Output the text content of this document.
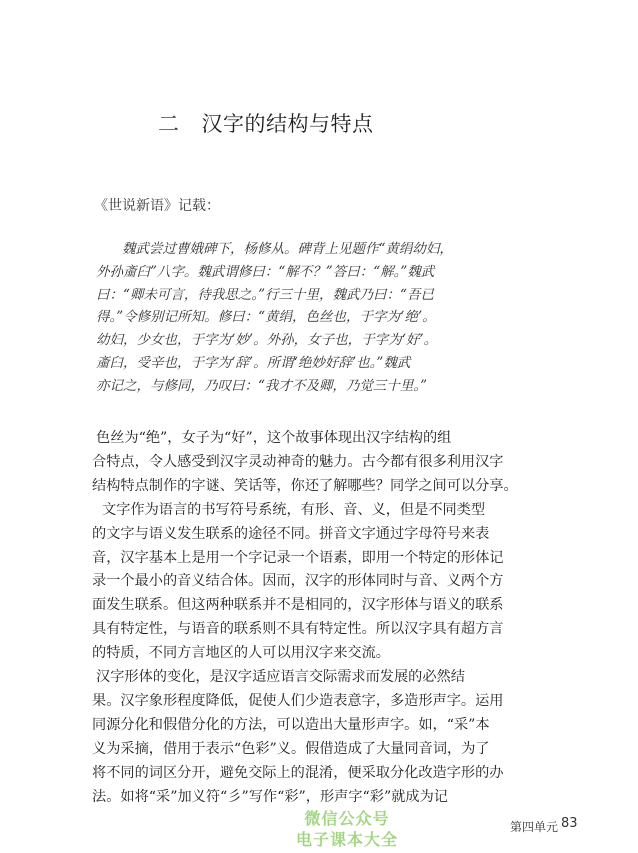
二 汉字的结构与特点
《世说新语》记载：

魏武尝过曹娥碑下，杨修从。碑背上见题作“黄绢幼妇，

外孙齑臼”八字。魏武谓修曰：“解不？”答曰：“解。”魏武

曰：“卿未可言，待我思之。”行三十里，魏武乃曰：“吾已

得。”令修别记所知。修曰：“黄绢，色丝也，于字为‘绝’。

幼妇，少女也，于字为‘妙’。外孙，女子也，于字为‘好’。

齑臼，受辛也，于字为‘辞’。所谓‘绝妙好辞’也。”魏武

亦记之，与修同，乃叹曰：“我才不及卿，乃觉三十里。”

色丝为“绝”，女子为“好”，这个故事体现出汉字结构的组

合特点，令人感受到汉字灵动神奇的魅力。古今都有很多利用汉字

结构特点制作的字谜、笑话等，你还了解哪些？同学之间可以分享。

文字作为语言的书写符号系统，有形、音、义，但是不同类型

的文字与语义发生联系的途径不同。拼音文字通过字母符号来表

音，汉字基本上是用一个字记录一个语素，即用一个特定的形体记

录一个最小的音义结合体。因而，汉字的形体同时与音、义两个方

面发生联系。但这两种联系并不是相同的，汉字形体与语义的联系

具有特定性，与语音的联系则不具有特定性。所以汉字具有超方言

的特质，不同方言地区的人可以用汉字来交流。

汉字形体的变化，是汉字适应语言交际需求而发展的必然结

果。汉字象形程度降低，促使人们少造表意字，多造形声字。运用

同源分化和假借分化的方法，可以造出大量形声字。如，“采”本

义为采摘，借用于表示“色彩”义。假借造成了大量同音词，为了

将不同的词区分开，避免交际上的混淆，便采取分化改造字形的办

法。如将“采”加义符“彡”写作“彩”，形声字“彩”就成为记

微信公众号
电子课本大全
第四单元 83
